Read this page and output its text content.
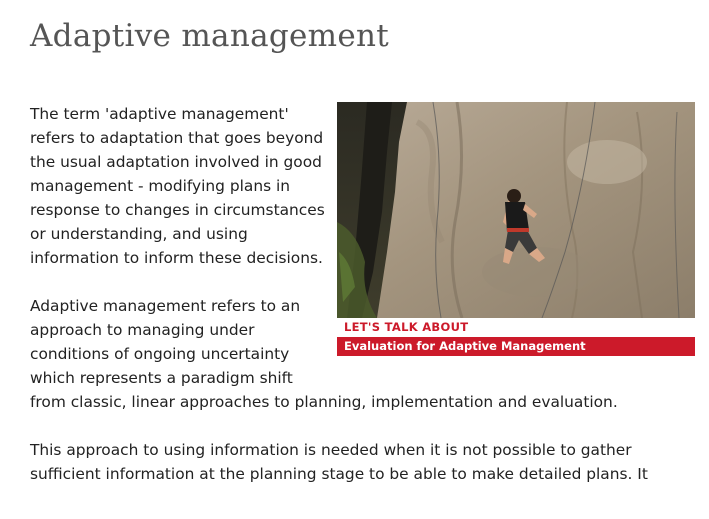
Adaptive management
LET'S TALK ABOUT
Evaluation for Adaptive Management

The term 'adaptive management' refers to adaptation that goes beyond the usual adaptation involved in good management - modifying plans in response to changes in circumstances or understanding, and using information to inform these decisions.

Adaptive management refers to an approach to managing under conditions of ongoing uncertainty which represents a paradigm shift from classic, linear approaches to planning, implementation and evaluation.

This approach to using information is needed when it is not possible to gather sufficient information at the planning stage to be able to make detailed plans. It
